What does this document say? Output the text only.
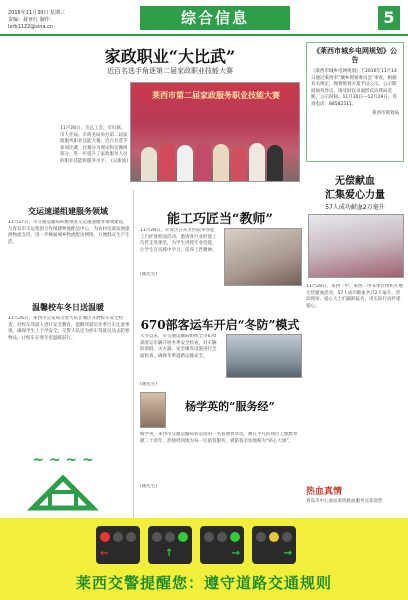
2016年11月30日 星期三
责编：聂亚红 制作：
lxrb1122@sina.cn	综合信息	5
家政职业“大比武”
近百名选手角逐第二届家政职业技能大赛
莱西市第二届家政服务职业技能大赛
11月28日，市总工会、市妇联、市人社局、市商务局举办第二届家政服务职业技能大赛。近百名选手参加比赛，比赛分为理论和实操两部分，进一步提升了家政服务人员的职业技能和服务水平。 (吴新波)
《莱西市城乡电网规划》公告
《莱西市城乡电网规划》于2016年11月14日通过莱西市“城乡规划委员会”审查，根据有关规定，现将规划方案予以公示。公示期间如有异议，请及时以书面形式向我局反映。公示时间：11月30日—12月29日。咨询电话：88582511。
莱西市规划局
交运速递组建服务领域
11月27日，市交通运输局积极推进交运速递服务领域建设，与青岛市交运集团合作组建物流配送中心，为农村电商发展提供物流支持，进一步畅通城乡物流配送网络，方便群众生产生活。
温馨校车冬日送温暖
11月26日，莱西市公安局交警大队在城区开展校车安全检查，对校车驾驶人进行安全教育，提醒驾驶员冬季行车注意事项，确保学生上下学安全。交警大队还为校车驾驶员送去防寒物品，让校车在寒冬里温暖前行。
~ ~ ~ ~
能工巧匠当“教师”
11月28日，开发区在东方医院举办能工巧匠进校园活动，邀请各行业的能工巧匠走进课堂，为学生讲授专业技能，让学生在实践中学习，培养工匠精神。
(谢先生)
670部客运车开启“冬防”模式
入冬以来，市交通运输局组织全市670部客运车辆开展冬季安全检查，对车辆防滑链、灭火器、安全锤等设施进行全面检查，确保冬季道路运输安全。
(谢先生)
杨学英的“服务经”
杨学英，莱西市交通运输局客运站的一名普通售票员。她在平凡的岗位上默默奉献二十余年，热情周到地为每一位旅客服务，被旅客亲切地称为“贴心大姐”。
(谢先生)
无偿献血
汇集爱心力量
57人成功献血2万毫升
11月28日，莱西一中、莱西二中等单位组织开展无偿献血活动，57人成功献血共计2万毫升。活动现场，爱心人士们踊跃报名，用实际行动传递爱心。
热血真情
青岛市中心血站莱西献血服务点欢迎您
←	↑	→	→
莱西交警提醒您：遵守道路交通规则
